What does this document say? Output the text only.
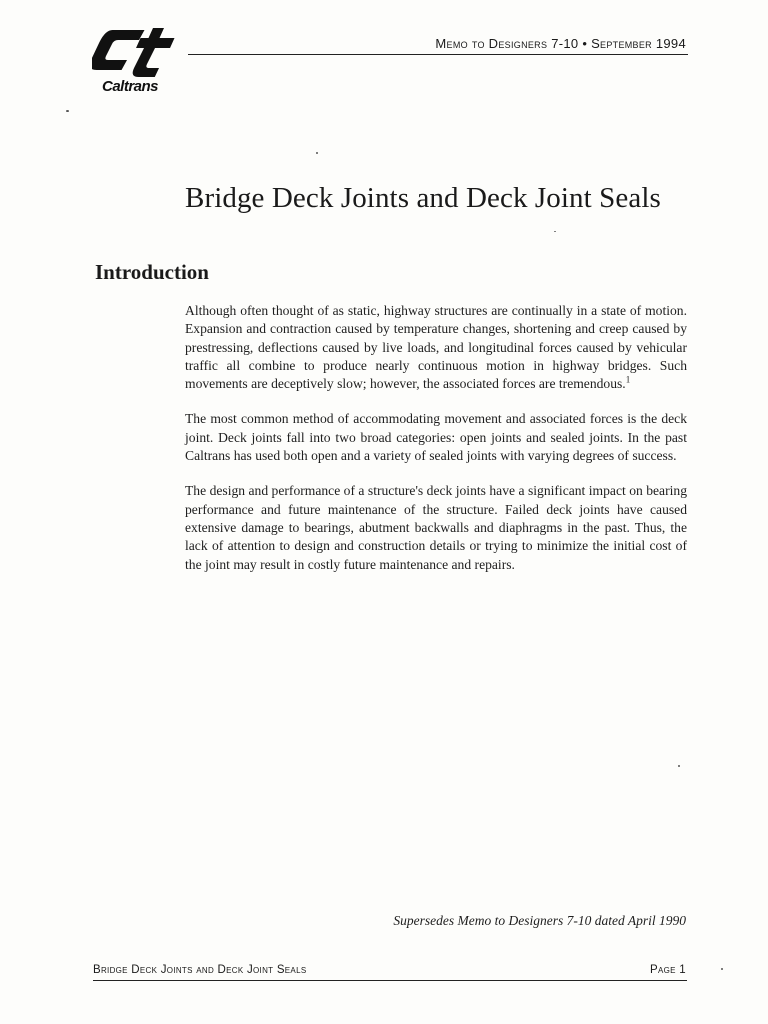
Caltrans
Memo to Designers 7-10 • September 1994
Bridge Deck Joints and Deck Joint Seals
Introduction

Although often thought of as static, highway structures are continually in a state of motion. Expansion and contraction caused by temperature changes, shortening and creep caused by prestressing, deflections caused by live loads, and longitudinal forces caused by vehicular traffic all combine to produce nearly continuous motion in highway bridges. Such movements are deceptively slow; however, the associated forces are tremendous.$^1$

The most common method of accommodating movement and associated forces is the deck joint. Deck joints fall into two broad categories: open joints and sealed joints. In the past Caltrans has used both open and a variety of sealed joints with varying degrees of success.

The design and performance of a structure's deck joints have a significant impact on bearing performance and future maintenance of the structure. Failed deck joints have caused extensive damage to bearings, abutment backwalls and diaphragms in the past. Thus, the lack of attention to design and construction details or trying to minimize the initial cost of the joint may result in costly future maintenance and repairs.

Supersedes Memo to Designers 7-10 dated April 1990
Bridge Deck Joints and Deck Joint Seals	Page 1
